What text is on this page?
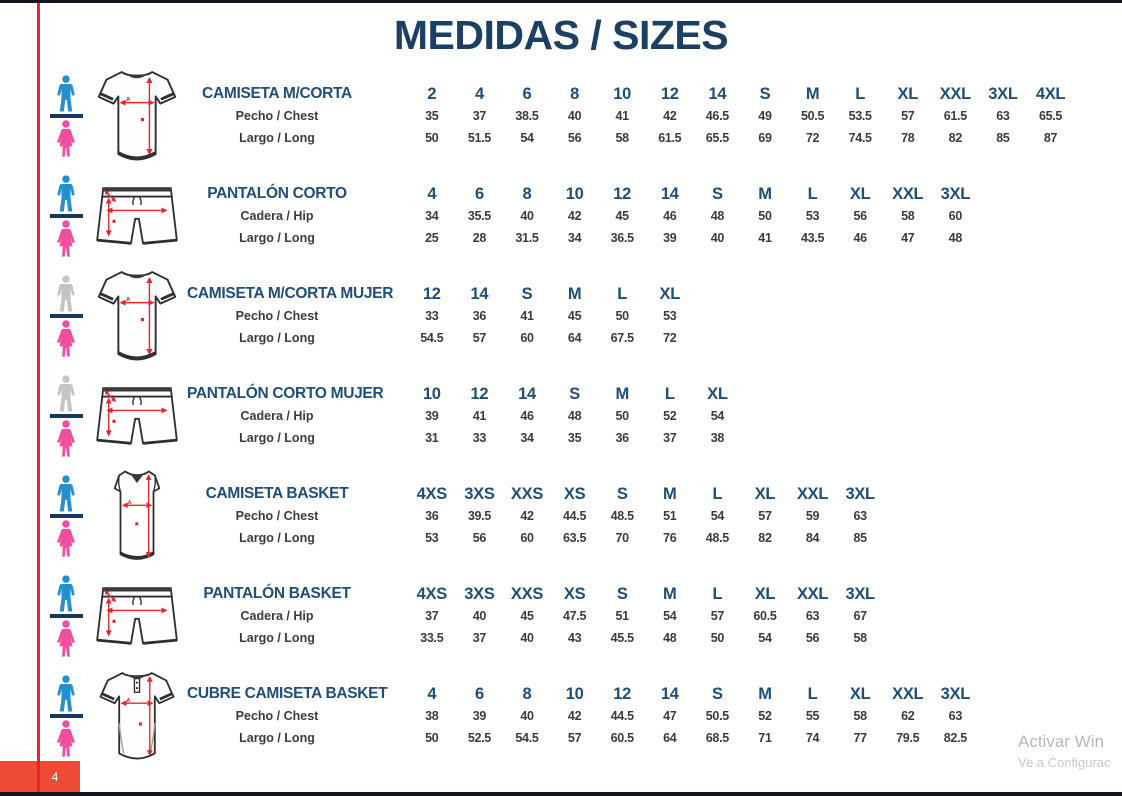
MEDIDAS / SIZES
A	CAMISETA M/CORTA	2	4	6	8	10	12	14	S	M	L	XL	XXL	3XL	4XL
Pecho / Chest	35	37	38.5	40	41	42	46.5	49	50.5	53.5	57	61.5	63	65.5
Largo / Long	50	51.5	54	56	58	61.5	65.5	69	72	74.5	78	82	85	87
PANTALÓN CORTO	4	6	8	10	12	14	S	M	L	XL	XXL	3XL
Cadera / Hip	34	35.5	40	42	45	46	48	50	53	56	58	60
Largo / Long	25	28	31.5	34	36.5	39	40	41	43.5	46	47	48
A	CAMISETA M/CORTA MUJER	12	14	S	M	L	XL
Pecho / Chest	33	36	41	45	50	53
Largo / Long	54.5	57	60	64	67.5	72
PANTALÓN CORTO MUJER	10	12	14	S	M	L	XL
Cadera / Hip	39	41	46	48	50	52	54
Largo / Long	31	33	34	35	36	37	38
A
CAMISETA BASKET	4XS	3XS XXS	XS	S	M	L	XL	XXL	3XL
Pecho / Chest	36	39.5	42	44.5	48.5	51	54	57	59	63
Largo / Long	53	56	60	63.5	70	76	48.5	82	84	85
PANTALÓN BASKET	4XS	3XS XXS	XS	S	M	L	XL	XXL	3XL
Cadera / Hip	37	40	45	47.5	51	54	57	60.5	63	67
Largo / Long	33.5	37	40	43	45.5	48	50	54	56	58
A	CUBRE CAMISETA BASKET	4	6	8	10	12	14	S	M	L	XL	XXL	3XL
Pecho / Chest	38	39	40	42	44.5	47	50.5	52	55	58	62	63
Largo / Long	50	52.5	54.5	57	60.5	64	68.5	71	74	77	79.5	82.5
4
Activar Win
Ve a Configurac
